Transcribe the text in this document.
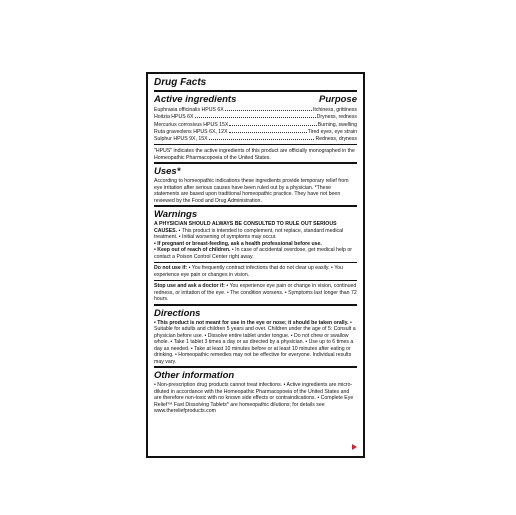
Drug Facts
Active ingredients	Purpose
Euphrasia officinalis HPUS 6X	Itchiness, grittiness
Hoitzia HPUS 6X	Dryness, redness
Mercurius corrosivus HPUS 15X	Burning, swelling
Ruta graveolens HPUS 6X, 12X	Tired eyes, eye strain
Sulphur HPUS 9X, 15X	Redness, dryness

"HPUS" indicates the active ingredients of this product are officially monographed in the Homeopathic Pharmacopoeia of the United States.

Uses*

According to homeopathic indications these ingredients provide temporary relief from eye irritation after serious causes have been ruled out by a physician. *These statements are based upon traditional homeopathic practice. They have not been reviewed by the Food and Drug Administration.

Warnings

A PHYSICIAN SHOULD ALWAYS BE CONSULTED TO RULE OUT SERIOUS CAUSES. • This product is intended to complement, not replace, standard medical treatment. • Initial worsening of symptoms may occur.

• If pregnant or breast-feeding, ask a health professional before use.

• Keep out of reach of children. • In case of accidental overdose, get medical help or contact a Poison Control Center right away.

Do not use if: • You frequently contract infections that do not clear up easily. • You experience eye pain or changes in vision.

Stop use and ask a doctor if: • You experience eye pain or change in vision, continued redness, or irritation of the eye. • The condition worsens. • Symptoms last longer than 72 hours.

Directions

• This product is not meant for use in the eye or nose; it should be taken orally. • Suitable for adults and children 5 years and over. Children under the age of 5: Consult a physician before use. • Dissolve entire tablet under tongue. • Do not chew or swallow whole. • Take 1 tablet 3 times a day or as directed by a physician. • Use up to 6 times a day as needed. • Take at least 10 minutes before or at least 10 minutes after eating or drinking. • Homeopathic remedies may not be effective for everyone. Individual results may vary.

Other information

• Non-prescription drug products cannot treat infections. • Active ingredients are micro-diluted in accordance with the Homeopathic Pharmacopoeia of the United States and are therefore non-toxic with no known side effects or contraindications. • Complete Eye Relief™ Fast Dissolving Tablets* are homeopathic dilutions; for details see www.thereliefproducts.com
